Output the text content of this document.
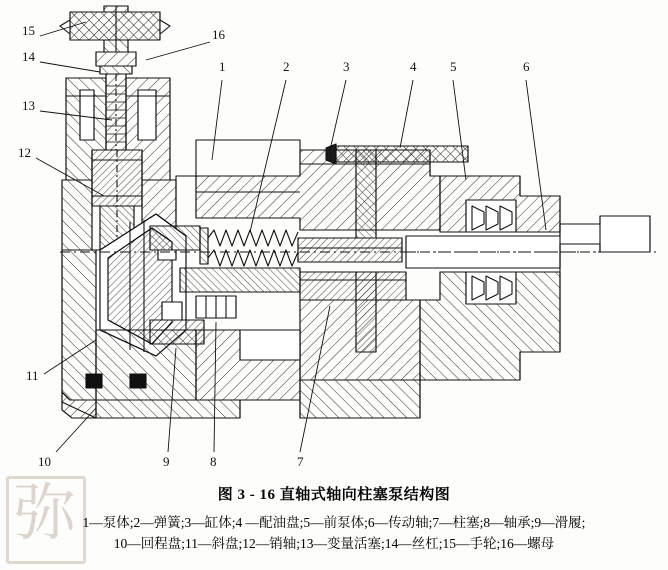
弥
15	16
14
13
12
11
10	9	8	7
1	2	3	4	5	6
图 3 - 16 直轴式轴向柱塞泵结构图
1—泵体;2—弹簧;3—缸体;4 —配油盘;5—前泵体;6—传动轴;7—柱塞;8—轴承;9—滑履;
10—回程盘;11—斜盘;12—销轴;13—变量活塞;14—丝杠;15—手轮;16—螺母
